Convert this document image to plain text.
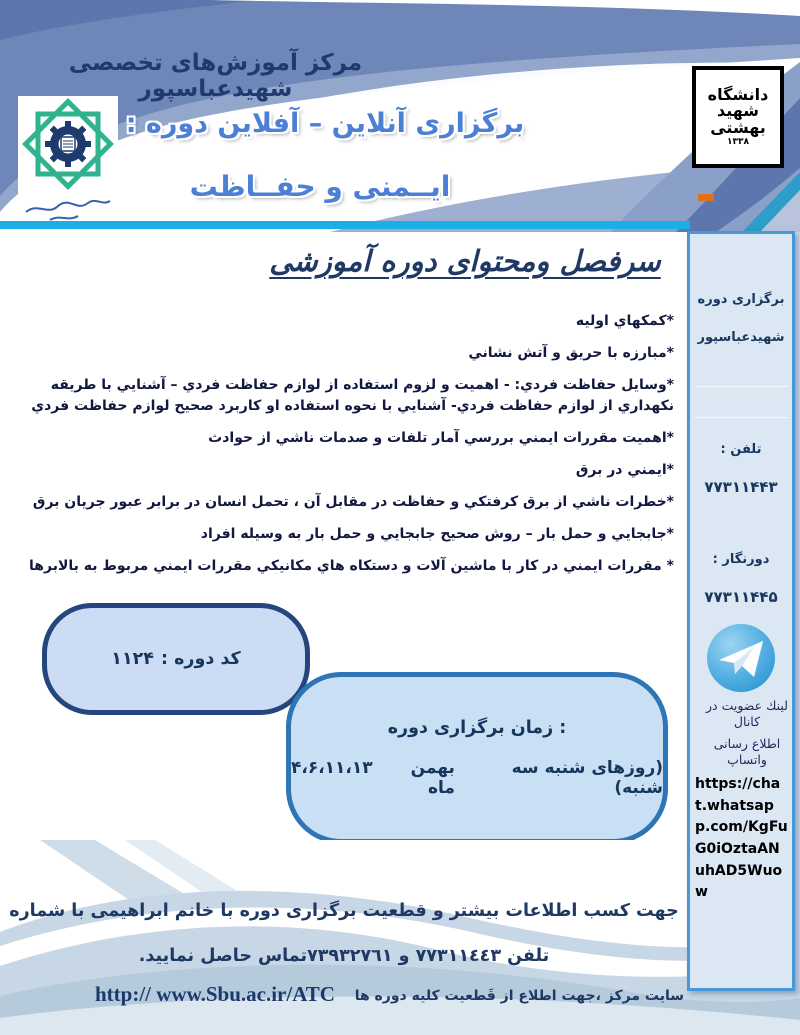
دانشگاه
شهید
بهشتی
۱۳۳۸
مرکز آموزش‌های تخصصی شهیدعباسپور
برگزاری آنلاین – آفلاین دوره :
ایــمنی و حفــاظت
سرفصل ومحتوای دوره آموزشی
*کمکهاي اوليه
*مبارزه با حريق و آتش نشاني
*وسايل حفاظت فردي: - اهميت و لزوم استفاده از لوازم حفاظت فردي – آشنايي با طريقه نكهداري از لوازم حفاظت فردي- آشنايي با نحوه استفاده او كاربرد صحيح لوازم حفاظت فردي
*اهميت مقررات ايمني بررسي آمار تلفات و صدمات ناشي از حوادث
*ايمني در برق
*خطرات ناشي از برق كرفتكي و حفاظت در مقابل آن ، تحمل انسان در برابر عبور جريان برق
*جابجايي و حمل بار – روش صحيح جابجايي و حمل بار به وسيله افراد
* مقررات ايمني در كار با ماشين آلات و دستكاه هاي مكانيكي مقررات ايمني مربوط به بالابرها
کد دوره :
۱۱۲۴
زمان برگزاری دوره :
۴،۶،۱۱،۱۳	بهمن ماه
(روزهای شنبه سه شنبه)
جهت کسب اطلاعات بیشتر و قطعیت برگزاری دوره با خانم ابراهیمی با شماره
تلفن ٧٧٣١١٤٤٣ و ٧٣٩٣٢٧٦١تماس حاصل نمایید.
http:// www.Sbu.ac.ir/ATC سایت مرکز ،جهت اطلاع از قَطعیت کلیه دوره ها
برگزاری دوره
شهیدعباسپور
تلفن :
۷۷۳۱۱۴۴۳
دورنگار :
۷۷۳۱۱۴۴۵
لینك عضویت در كانال
اطلاع رسانی واتساپ
https://chat.whatsapp.com/KgFuG0iOztaANuhAD5Wuow
